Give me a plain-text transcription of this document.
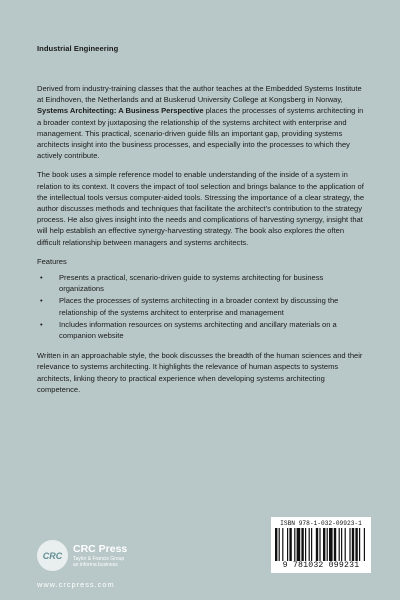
Industrial Engineering

Derived from industry-training classes that the author teaches at the Embedded Systems Institute at Eindhoven, the Netherlands and at Buskerud University College at Kongsberg in Norway, Systems Architecting: A Business Perspective places the processes of systems architecting in a broader context by juxtaposing the relationship of the systems architect with enterprise and management. This practical, scenario-driven guide fills an important gap, providing systems architects insight into the business processes, and especially into the processes to which they actively contribute.

The book uses a simple reference model to enable understanding of the inside of a system in relation to its context. It covers the impact of tool selection and brings balance to the application of the intellectual tools versus computer-aided tools. Stressing the importance of a clear strategy, the author discusses methods and techniques that facilitate the architect’s contribution to the strategy process. He also gives insight into the needs and complications of harvesting synergy, insight that will help establish an effective synergy-harvesting strategy. The book also explores the often difficult relationship between managers and systems architects.

Features

• Presents a practical, scenario-driven guide to systems architecting for business organizations
• Places the processes of systems architecting in a broader context by discussing the relationship of the systems architect to enterprise and management
• Includes information resources on systems architecting and ancillary materials on a companion website

Written in an approachable style, the book discusses the breadth of the human sciences and their relevance to systems architecting. It highlights the relevance of human aspects to systems architects, linking theory to practical experience when developing systems architecting competence.

CRC
CRC Press
Taylor & Francis Group
an informa business
www.crcpress.com
ISBN 978-1-032-09923-1
9 781032 099231
